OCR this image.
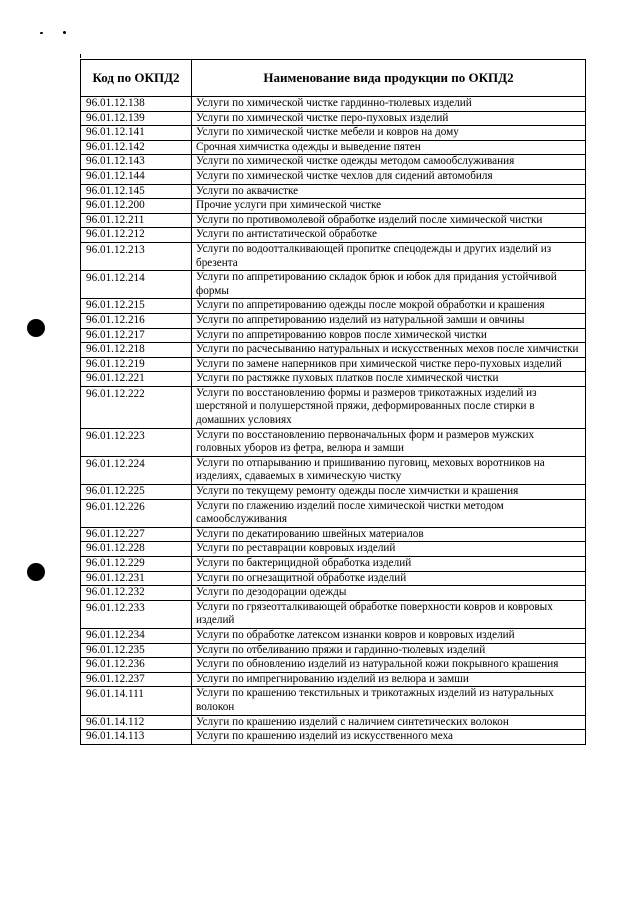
Код по ОКПД2	Наименование вида продукции по ОКПД2
96.01.12.138	Услуги по химической чистке гардинно-тюлевых изделий
96.01.12.139	Услуги по химической чистке перо-пуховых изделий
96.01.12.141	Услуги по химической чистке мебели и ковров на дому
96.01.12.142	Срочная химчистка одежды и выведение пятен
96.01.12.143	Услуги по химической чистке одежды методом самообслуживания
96.01.12.144	Услуги по химической чистке чехлов для сидений автомобиля
96.01.12.145	Услуги по аквачистке
96.01.12.200	Прочие услуги при химической чистке
96.01.12.211	Услуги по противомолевой обработке изделий после химической чистки
96.01.12.212	Услуги по антистатической обработке
96.01.12.213	Услуги по водоотталкивающей пропитке спецодежды и других изделий из брезента
96.01.12.214	Услуги по аппретированию складок брюк и юбок для придания устойчивой формы
96.01.12.215	Услуги по аппретированию одежды после мокрой обработки и крашения
96.01.12.216	Услуги по аппретированию изделий из натуральной замши и овчины
96.01.12.217	Услуги по аппретированию ковров после химической чистки
96.01.12.218	Услуги по расчесыванию натуральных и искусственных мехов после химчистки
96.01.12.219	Услуги по замене наперников при химической чистке перо-пуховых изделий
96.01.12.221	Услуги по растяжке пуховых платков после химической чистки
96.01.12.222	Услуги по восстановлению формы и размеров трикотажных изделий из шерстяной и полушерстяной пряжи, деформированных после стирки в домашних условиях
96.01.12.223	Услуги по восстановлению первоначальных форм и размеров мужских головных уборов из фетра, велюра и замши
96.01.12.224	Услуги по отпарыванию и пришиванию пуговиц, меховых воротников на изделиях, сдаваемых в химическую чистку
96.01.12.225	Услуги по текущему ремонту одежды после химчистки и крашения
96.01.12.226	Услуги по глажению изделий после химической чистки методом самообслуживания
96.01.12.227	Услуги по декатированию швейных материалов
96.01.12.228	Услуги по реставрации ковровых изделий
96.01.12.229	Услуги по бактерицидной обработка изделий
96.01.12.231	Услуги по огнезащитной обработке изделий
96.01.12.232	Услуги по дезодорации одежды
96.01.12.233	Услуги по грязеотталкивающей обработке поверхности ковров и ковровых изделий
96.01.12.234	Услуги по обработке латексом изнанки ковров и ковровых изделий
96.01.12.235	Услуги по отбеливанию пряжи и гардинно-тюлевых изделий
96.01.12.236	Услуги по обновлению изделий из натуральной кожи покрывного крашения
96.01.12.237	Услуги по импрегнированию изделий из велюра и замши
96.01.14.111	Услуги по крашению текстильных и трикотажных изделий из натуральных волокон
96.01.14.112	Услуги по крашению изделий с наличием синтетических волокон
96.01.14.113	Услуги по крашению изделий из искусственного меха
